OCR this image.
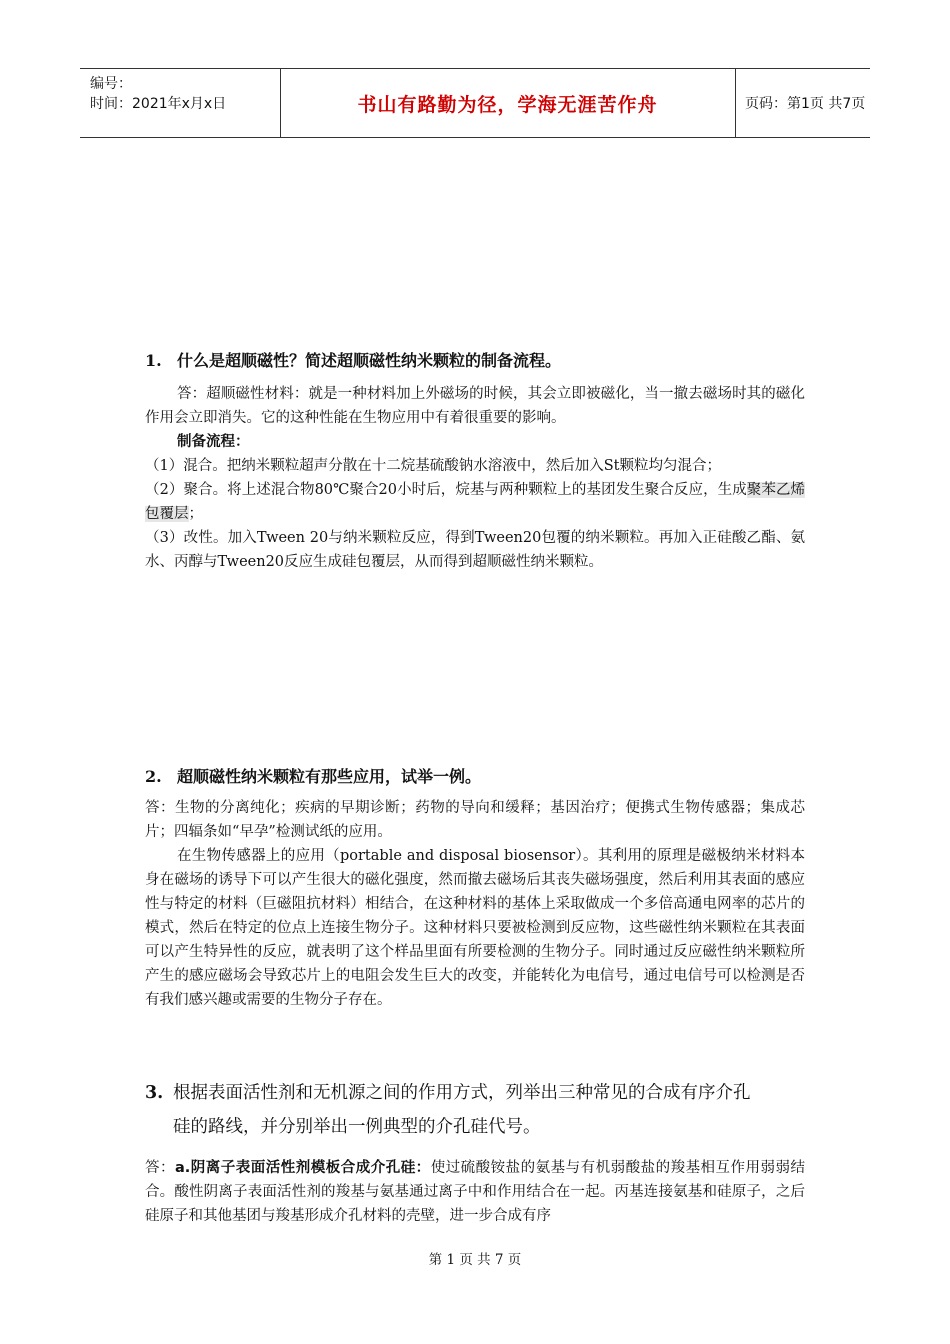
编号：
时间：2021年x月x日	书山有路勤为径，学海无涯苦作舟	页码：第1页 共7页
1. 什么是超顺磁性？简述超顺磁性纳米颗粒的制备流程。

答：超顺磁性材料：就是一种材料加上外磁场的时候，其会立即被磁化，当一撤去磁场时其的磁化作用会立即消失。它的这种性能在生物应用中有着很重要的影响。

制备流程：

（1）混合。把纳米颗粒超声分散在十二烷基硫酸钠水溶液中，然后加入St颗粒均匀混合；

（2）聚合。将上述混合物80℃聚合20小时后，烷基与两种颗粒上的基团发生聚合反应，生成聚苯乙烯包覆层；

（3）改性。加入Tween 20与纳米颗粒反应，得到Tween20包覆的纳米颗粒。再加入正硅酸乙酯、氨水、丙醇与Tween20反应生成硅包覆层，从而得到超顺磁性纳米颗粒。

2. 超顺磁性纳米颗粒有那些应用，试举一例。

答：生物的分离纯化；疾病的早期诊断；药物的导向和缓释；基因治疗；便携式生物传感器；集成芯片；四辐条如“早孕”检测试纸的应用。

在生物传感器上的应用（portable and disposal biosensor）。其利用的原理是磁极纳米材料本身在磁场的诱导下可以产生很大的磁化强度，然而撤去磁场后其丧失磁场强度，然后利用其表面的感应性与特定的材料（巨磁阻抗材料）相结合，在这种材料的基体上采取做成一个多倍高通电网率的芯片的模式，然后在特定的位点上连接生物分子。这种材料只要被检测到反应物，这些磁性纳米颗粒在其表面可以产生特异性的反应，就表明了这个样品里面有所要检测的生物分子。同时通过反应磁性纳米颗粒所产生的感应磁场会导致芯片上的电阻会发生巨大的改变，并能转化为电信号，通过电信号可以检测是否有我们感兴趣或需要的生物分子存在。

3. 根据表面活性剂和无机源之间的作用方式，列举出三种常见的合成有序介孔
硅的路线，并分别举出一例典型的介孔硅代号。

答：a.阴离子表面活性剂模板合成介孔硅：使过硫酸铵盐的氨基与有机弱酸盐的羧基相互作用弱弱结合。酸性阴离子表面活性剂的羧基与氨基通过离子中和作用结合在一起。丙基连接氨基和硅原子，之后硅原子和其他基团与羧基形成介孔材料的壳壁，进一步合成有序

第 1 页 共 7 页
